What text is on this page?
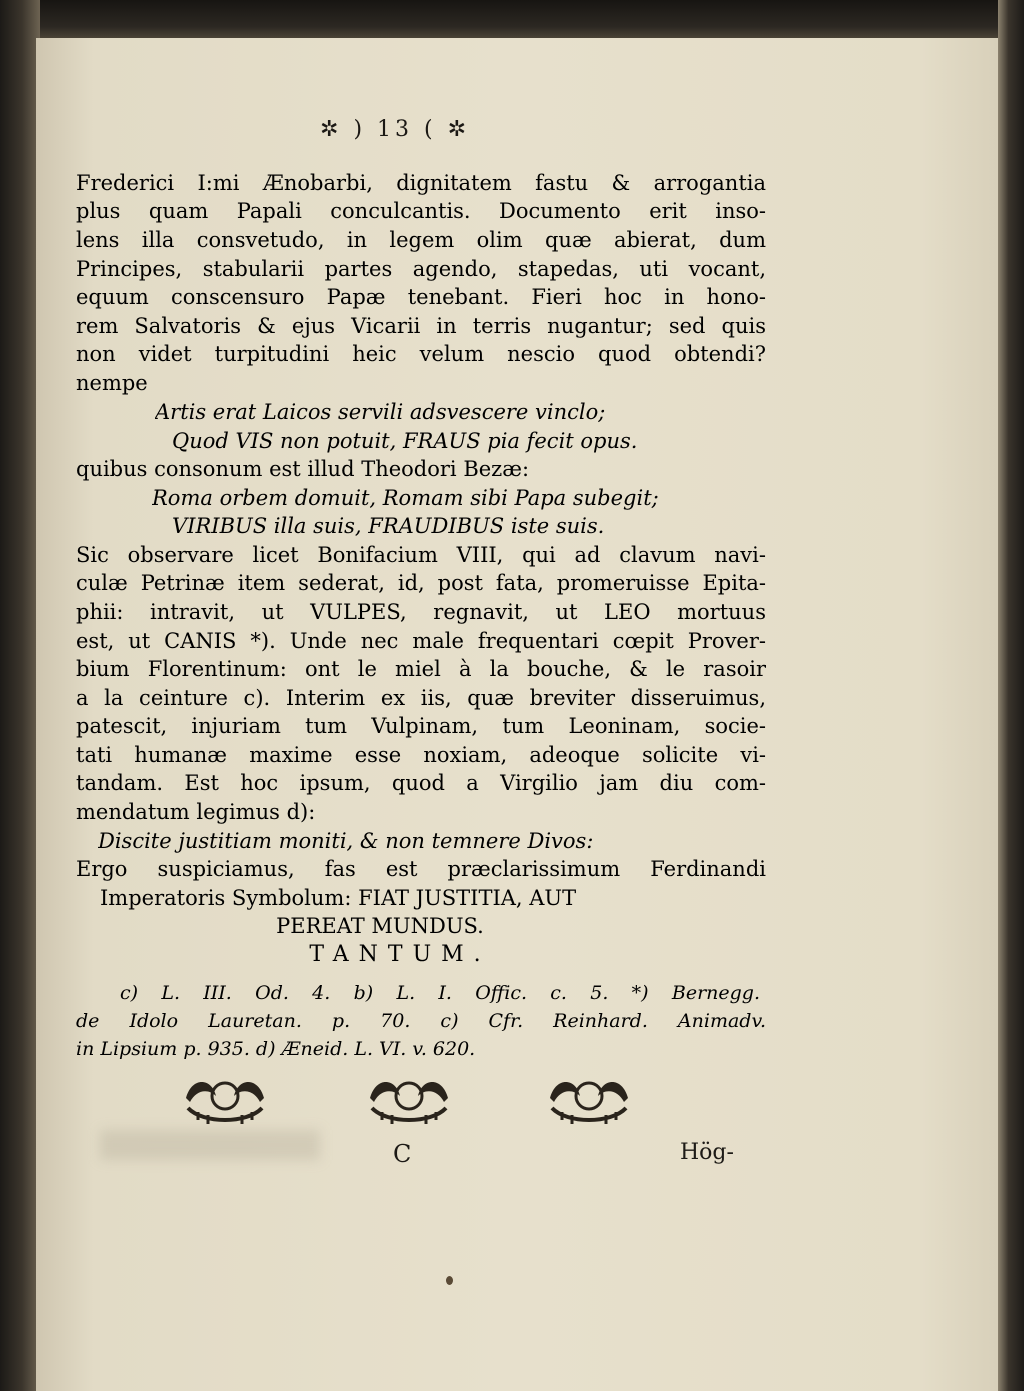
✲ ) 13 ( ✲
Frederici I:mi Ænobarbi, dignitatem fastu & arrogantia
plus quam Papali conculcantis. Documento erit inso-
lens illa consvetudo, in legem olim quæ abierat, dum
Principes, stabularii partes agendo, stapedas, uti vocant,
equum conscensuro Papæ tenebant. Fieri hoc in hono-
rem Salvatoris & ejus Vicarii in terris nugantur; sed quis
non videt turpitudini heic velum nescio quod obtendi?
nempe
Artis erat Laicos servili adsvescere vinclo;
Quod VIS non potuit, FRAUS pia fecit opus.
quibus consonum est illud Theodori Bezæ:
Roma orbem domuit, Romam sibi Papa subegit;
VIRIBUS illa suis, FRAUDIBUS iste suis.
Sic observare licet Bonifacium VIII, qui ad clavum navi-
culæ Petrinæ item sederat, id, post fata, promeruisse Epita-
phii: intravit, ut VULPES, regnavit, ut LEO mortuus
est, ut CANIS *). Unde nec male frequentari cœpit Prover-
bium Florentinum: ont le miel à la bouche, & le rasoir
a la ceinture c). Interim ex iis, quæ breviter disseruimus,
patescit, injuriam tum Vulpinam, tum Leoninam, socie-
tati humanæ maxime esse noxiam, adeoque solicite vi-
tandam. Est hoc ipsum, quod a Virgilio jam diu com-
mendatum legimus d):
Discite justitiam moniti, & non temnere Divos:
Ergo suspiciamus, fas est præclarissimum Ferdinandi
Imperatoris Symbolum: FIAT JUSTITIA, AUT
PEREAT MUNDUS.
TANTUM.
c) L. III. Od. 4. b) L. I. Offic. c. 5. *) Bernegg.
de Idolo Lauretan. p. 70. c) Cfr. Reinhard. Animadv.
in Lipsium p. 935. d) Æneid. L. VI. v. 620.
C	Hög-
